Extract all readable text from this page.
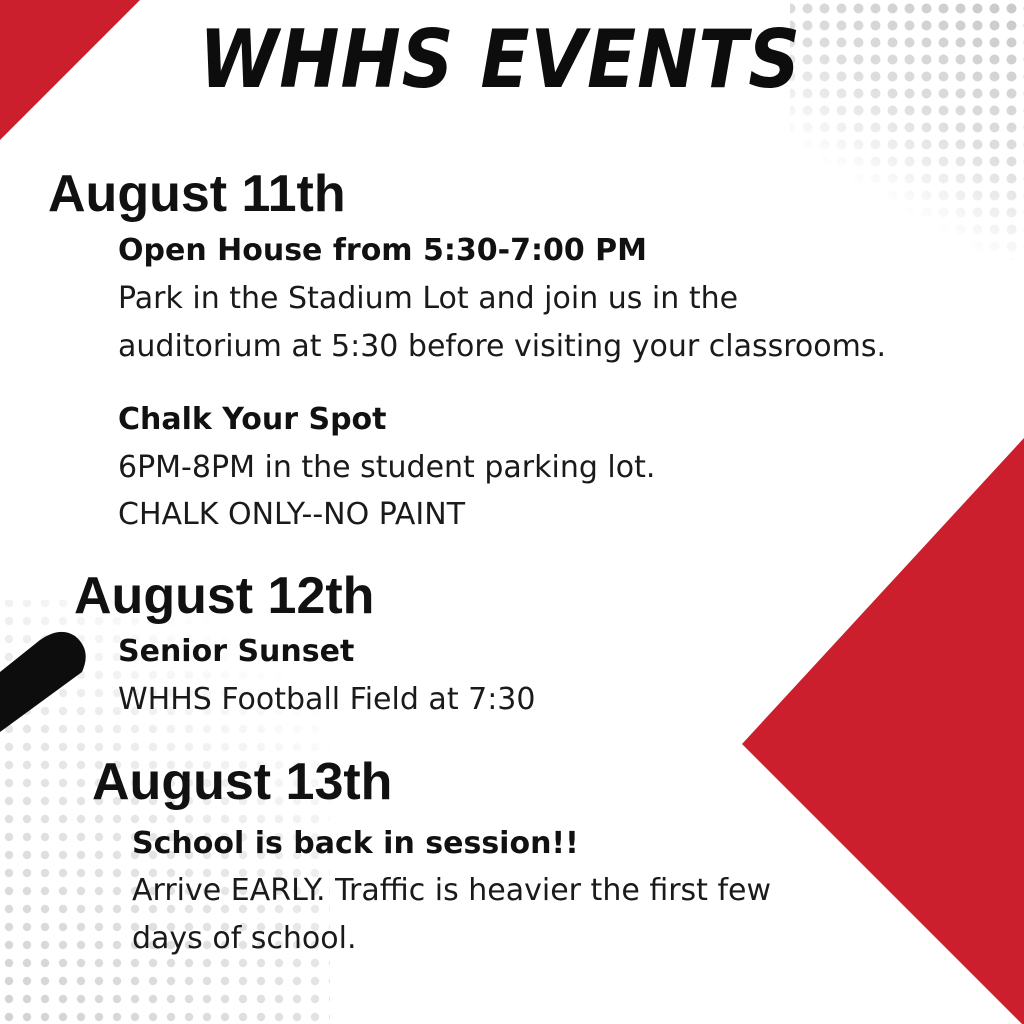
WHHS EVENTS
August 11th
Open House from 5:30-7:00 PM
Park in the Stadium Lot and join us in the
auditorium at 5:30 before visiting your classrooms.
Chalk Your Spot
6PM-8PM in the student parking lot.
CHALK ONLY--NO PAINT
August 12th
Senior Sunset
WHHS Football Field at 7:30
August 13th
School is back in session!!
Arrive EARLY. Traffic is heavier the first few
days of school.
